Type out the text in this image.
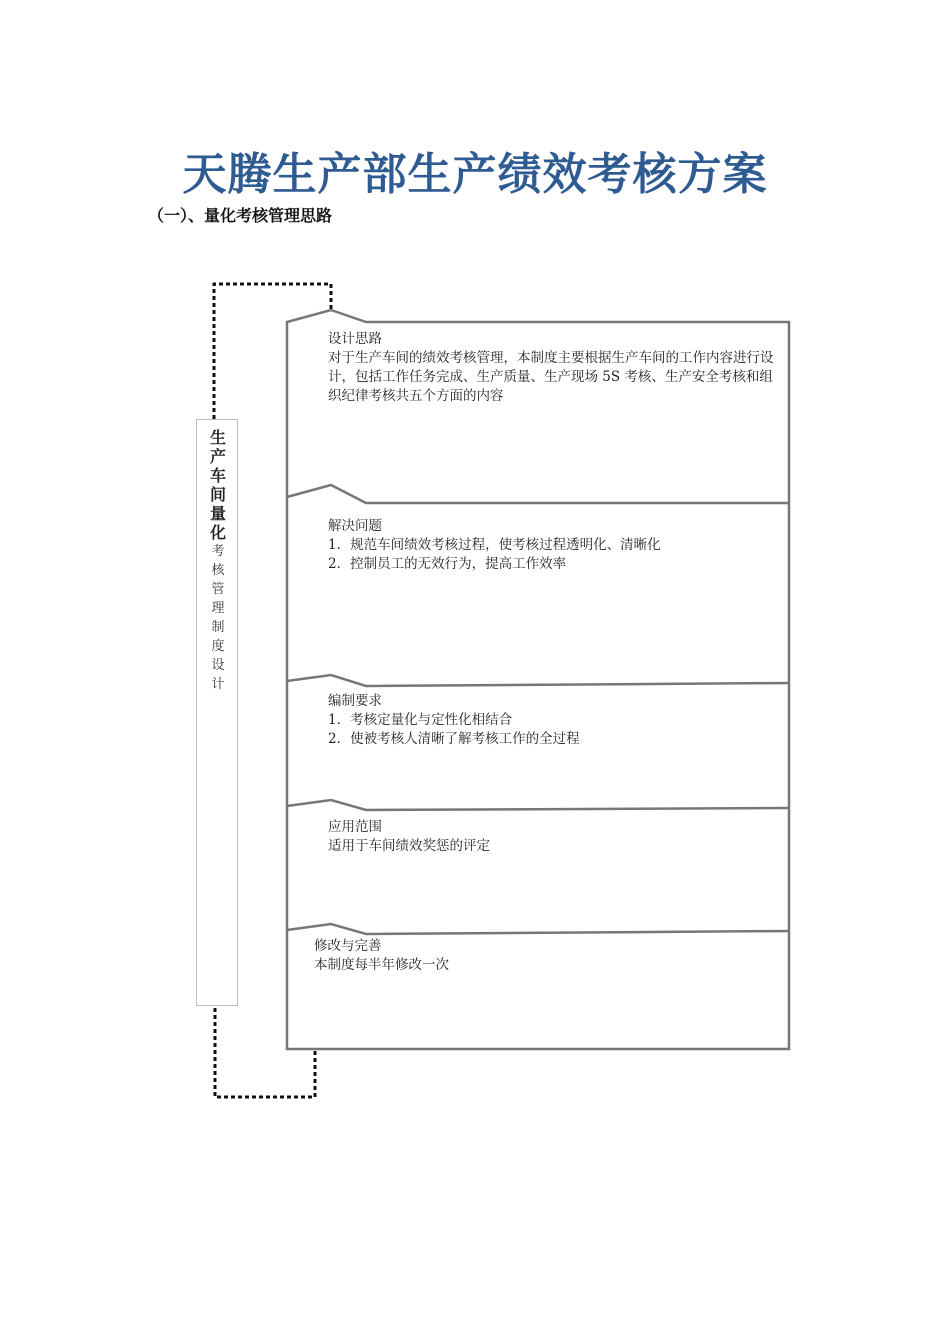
天腾生产部生产绩效考核方案
（一）、量化考核管理思路
生
产
车
间
量
化
考
核
管
理
制
度
设
计
设计思路
对于生产车间的绩效考核管理，本制度主要根据生产车间的工作内容进行设计，包括工作任务完成、生产质量、生产现场 5S 考核、生产安全考核和组织纪律考核共五个方面的内容
解决问题
1．规范车间绩效考核过程，使考核过程透明化、清晰化
2．控制员工的无效行为，提高工作效率
编制要求
1．考核定量化与定性化相结合
2．使被考核人清晰了解考核工作的全过程
应用范围
适用于车间绩效奖惩的评定
修改与完善
本制度每半年修改一次
